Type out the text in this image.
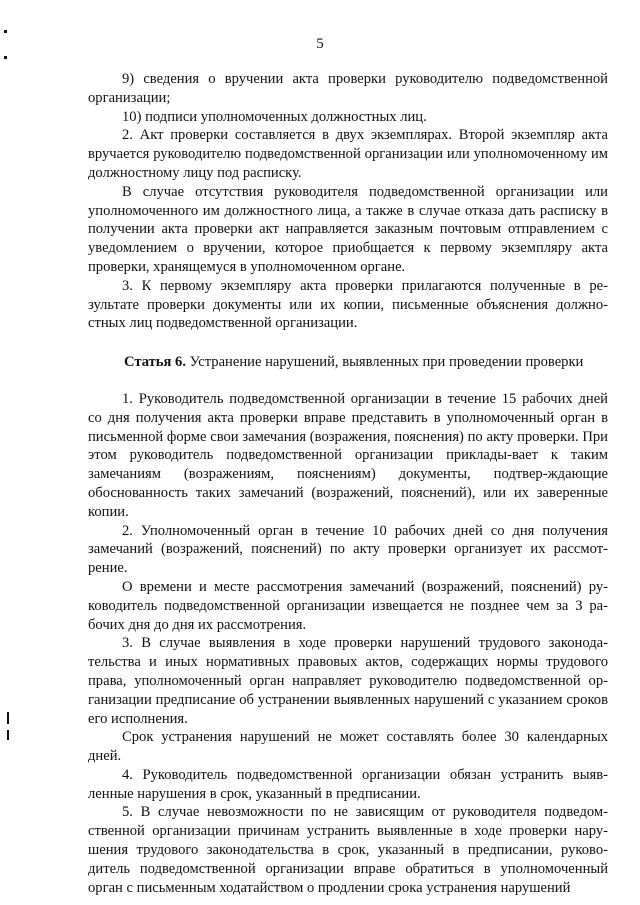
5

9) сведения о вручении акта проверки руководителю подведомственной организации;

10) подписи уполномоченных должностных лиц.

2. Акт проверки составляется в двух экземплярах. Второй экземпляр акта вручается руководителю подведомственной организации или уполномоченному им должностному лицу под расписку.

В случае отсутствия руководителя подведомственной организации или уполномоченного им должностного лица, а также в случае отказа дать расписку в получении акта проверки акт направляется заказным почтовым отправлением с уведомлением о вручении, которое приобщается к первому экземпляру акта проверки, хранящемуся в уполномоченном органе.

3. К первому экземпляру акта проверки прилагаются полученные в ре-зультате проверки документы или их копии, письменные объяснения должно-стных лиц подведомственной организации.

Статья 6. Устранение нарушений, выявленных при проведении проверки

1. Руководитель подведомственной организации в течение 15 рабочих дней со дня получения акта проверки вправе представить в уполномоченный орган в письменной форме свои замечания (возражения, пояснения) по акту проверки. При этом руководитель подведомственной организации приклады-вает к таким замечаниям (возражениям, пояснениям) документы, подтвер-ждающие обоснованность таких замечаний (возражений, пояснений), или их заверенные копии.

2. Уполномоченный орган в течение 10 рабочих дней со дня получения замечаний (возражений, пояснений) по акту проверки организует их рассмот-рение.

О времени и месте рассмотрения замечаний (возражений, пояснений) ру-ководитель подведомственной организации извещается не позднее чем за 3 ра-бочих дня до дня их рассмотрения.

3. В случае выявления в ходе проверки нарушений трудового законода-тельства и иных нормативных правовых актов, содержащих нормы трудового права, уполномоченный орган направляет руководителю подведомственной ор-ганизации предписание об устранении выявленных нарушений с указанием сроков его исполнения.

Срок устранения нарушений не может составлять более 30 календарных дней.

4. Руководитель подведомственной организации обязан устранить выяв-ленные нарушения в срок, указанный в предписании.

5. В случае невозможности по не зависящим от руководителя подведом-ственной организации причинам устранить выявленные в ходе проверки нару-шения трудового законодательства в срок, указанный в предписании, руково-дитель подведомственной организации вправе обратиться в уполномоченный орган с письменным ходатайством о продлении срока устранения нарушений
